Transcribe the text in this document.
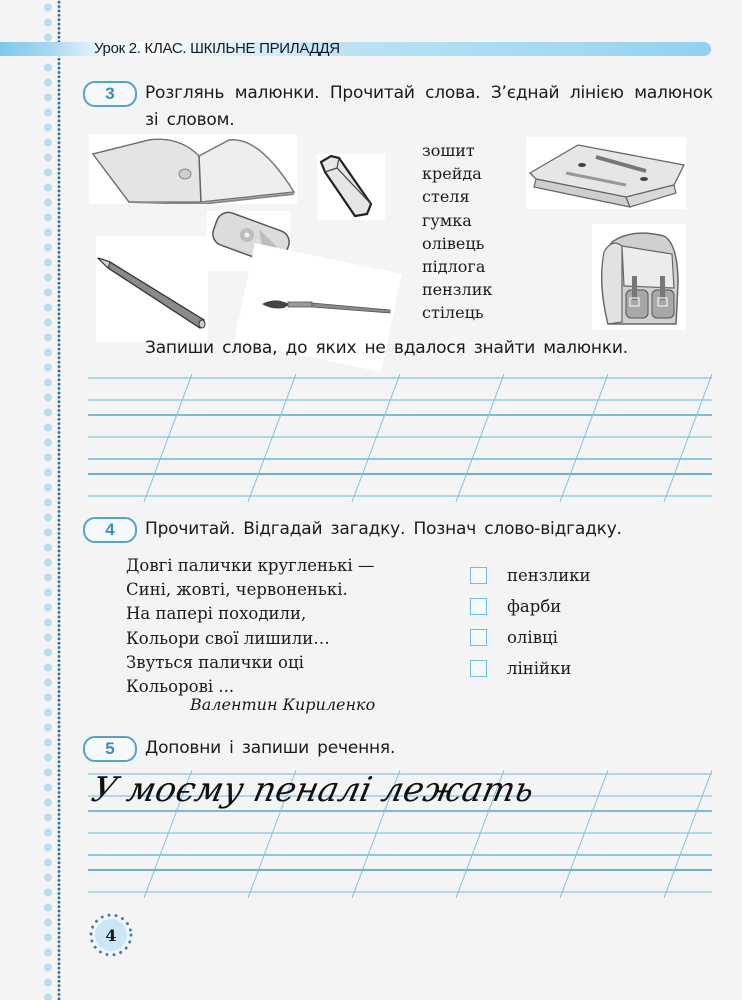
Урок 2. КЛАС. ШКІЛЬНЕ ПРИЛАДДЯ
3 Розглянь малюнки. Прочитай слова. З’єднай лінією малюнок
зі словом.
зошит
крейда
стеля
гумка
олівець
підлога
пензлик
стілець
Запиши слова, до яких не вдалося знайти малюнки.
4 Прочитай. Відгадай загадку. Познач слово-відгадку.
Довгі палички кругленькі —
Сині, жовті, червоненькі.
На папері походили,
Кольори свої лишили…
Звуться палички оці
Кольорові ...
Валентин Кириленко
пензлики
фарби
олівці
лінійки
5 Доповни і запиши речення.
У моєму пеналі лежать
4
